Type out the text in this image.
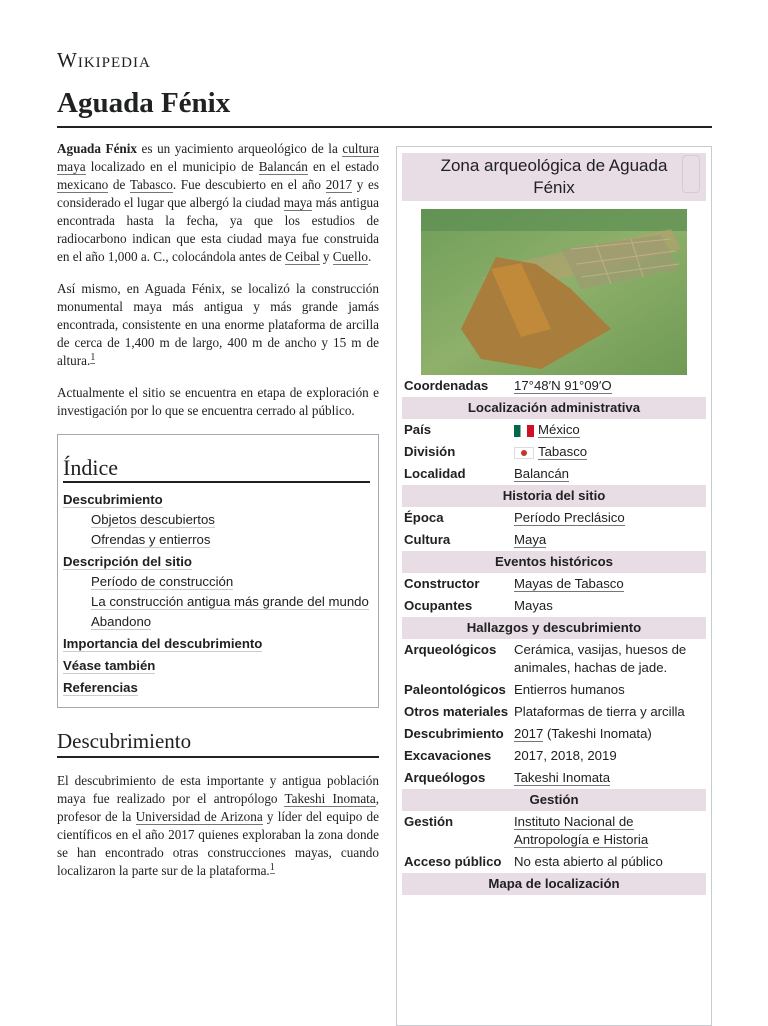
Wikipedia
Aguada Fénix

Aguada Fénix es un yacimiento arqueológico de la cultura maya localizado en el municipio de Balancán en el estado mexicano de Tabasco. Fue descubierto en el año 2017 y es considerado el lugar que albergó la ciudad maya más antigua encontrada hasta la fecha, ya que los estudios de radiocarbono indican que esta ciudad maya fue construida en el año 1,000 a. C., colocándola antes de Ceibal y Cuello.

Así mismo, en Aguada Fénix, se localizó la construcción monumental maya más antigua y más grande jamás encontrada, consistente en una enorme plataforma de arcilla de cerca de 1,400 m de largo, 400 m de ancho y 15 m de altura.$^1$

Actualmente el sitio se encuentra en etapa de exploración e investigación por lo que se encuentra cerrado al público.

Índice
Descubrimiento
Objetos descubiertos
Ofrendas y entierros
Descripción del sitio
Período de construcción
La construcción antigua más grande del mundo
Abandono
Importancia del descubrimiento
Véase también
Referencias
Descubrimiento

El descubrimiento de esta importante y antigua población maya fue realizado por el antropólogo Takeshi Inomata, profesor de la Universidad de Arizona y líder del equipo de científicos en el año 2017 quienes exploraban la zona donde se han encontrado otras construcciones mayas, cuando localizaron la parte sur de la plataforma.$^1$

Zona arqueológica de Aguada Fénix
Coordenadas	17°48′N 91°09′O
Localización administrativa	
País	México
División	Tabasco
Localidad	Balancán
Historia del sitio	
Época	Período Preclásico
Cultura	Maya
Eventos históricos	
Constructor	Mayas de Tabasco
Ocupantes	Mayas
Hallazgos y descubrimiento	
Arqueológicos	Cerámica, vasijas, huesos de animales, hachas de jade.
Paleontológicos	Entierros humanos
Otros materiales	Plataformas de tierra y arcilla
Descubrimiento	2017 (Takeshi Inomata)
Excavaciones	2017, 2018, 2019
Arqueólogos	Takeshi Inomata
Gestión	
Gestión	Instituto Nacional de Antropología e Historia
Acceso público	No esta abierto al público
Mapa de localización	
